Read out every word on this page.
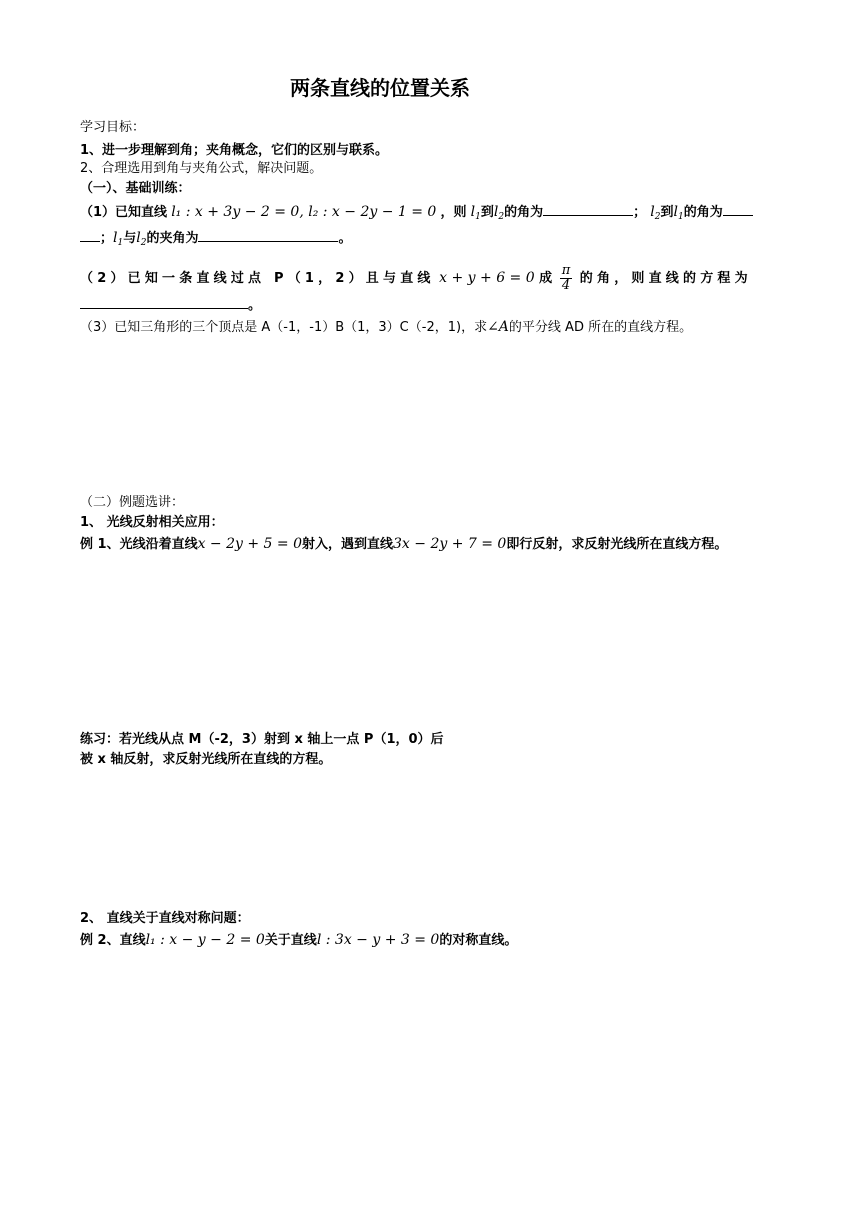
两条直线的位置关系
学习目标：
1、进一步理解到角；夹角概念，它们的区别与联系。
2、合理选用到角与夹角公式，解决问题。
（一）、基础训练：
（1）已知直线 l₁ : x + 3y − 2 = 0, l₂ : x − 2y − 1 = 0 ，则 $l_1$到$l_2$的角为	； $l_2$到$l_1$的角为
；$l_1$与$l_2$的夹角为	。
（2）已知一条直线过点 P（1，2）且与直线 x + y + 6 = 0 成 $\frac{\pi}{4}$ 的角，则直线的方程为
。
（3）已知三角形的三个顶点是 A（-1，-1）B（1，3）C（-2，1)，求∠A的平分线 AD 所在的直线方程。
（二）例题选讲：
1、 光线反射相关应用：
例 1、光线沿着直线x − 2y + 5 = 0射入，遇到直线3x − 2y + 7 = 0即行反射，求反射光线所在直线方程。
练习：若光线从点 M（-2，3）射到 x 轴上一点 P（1，0）后
被 x 轴反射，求反射光线所在直线的方程。
2、 直线关于直线对称问题：
例 2、直线l₁ : x − y − 2 = 0关于直线l : 3x − y + 3 = 0的对称直线。
